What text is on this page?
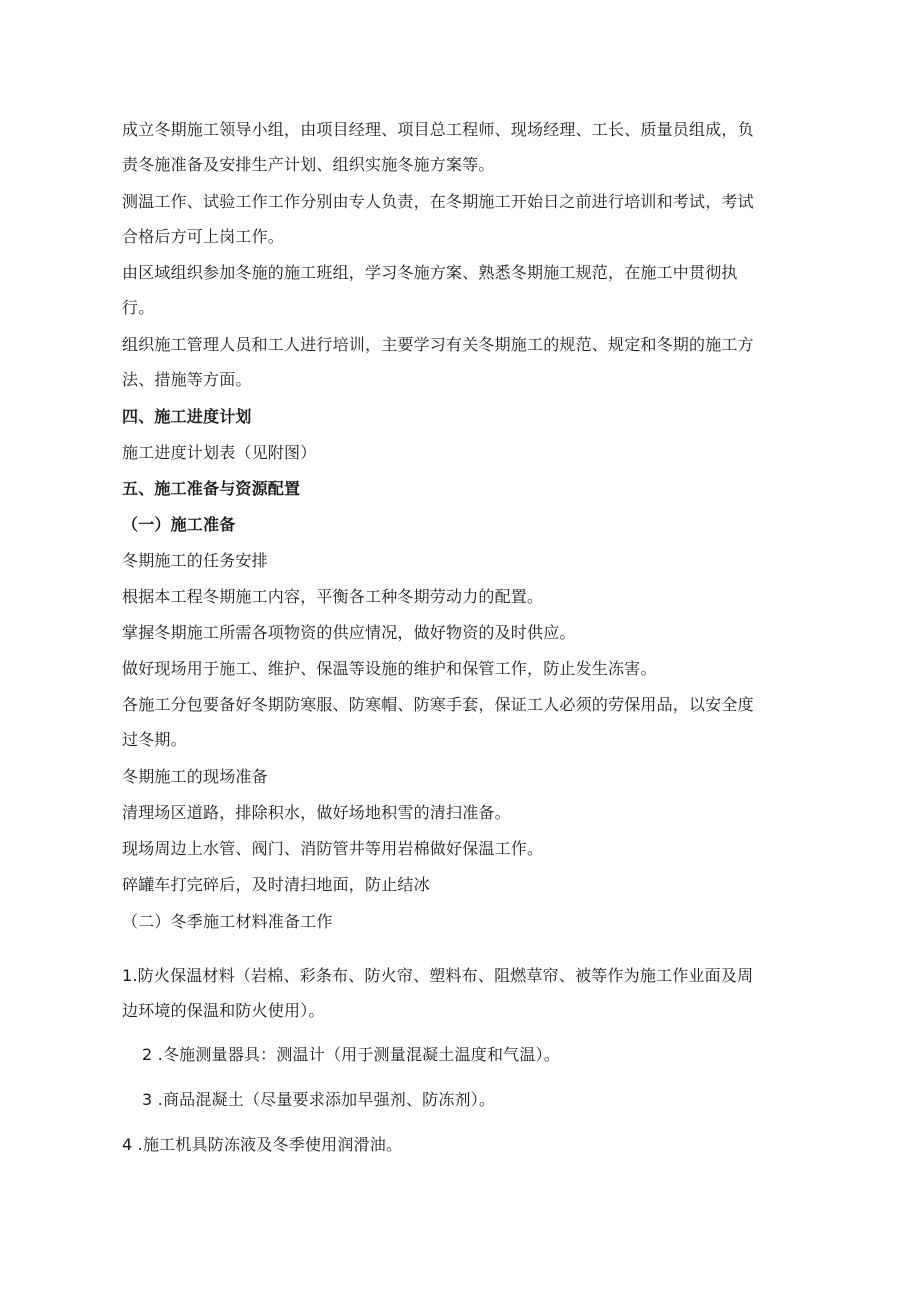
成立冬期施工领导小组，由项目经理、项目总工程师、现场经理、工长、质量员组成，负

责冬施准备及安排生产计划、组织实施冬施方案等。

测温工作、试验工作工作分别由专人负责，在冬期施工开始日之前进行培训和考试，考试

合格后方可上岗工作。

由区域组织参加冬施的施工班组，学习冬施方案、熟悉冬期施工规范，在施工中贯彻执

行。

组织施工管理人员和工人进行培训，主要学习有关冬期施工的规范、规定和冬期的施工方

法、措施等方面。

四、施工进度计划

施工进度计划表（见附图）

五、施工准备与资源配置

（一）施工准备

冬期施工的任务安排

根据本工程冬期施工内容，平衡各工种冬期劳动力的配置。

掌握冬期施工所需各项物资的供应情况，做好物资的及时供应。

做好现场用于施工、维护、保温等设施的维护和保管工作，防止发生冻害。

各施工分包要备好冬期防寒服、防寒帽、防寒手套，保证工人必须的劳保用品，以安全度

过冬期。

冬期施工的现场准备

清理场区道路，排除积水，做好场地积雪的清扫准备。

现场周边上水管、阀门、消防管井等用岩棉做好保温工作。

碎罐车打完碎后，及时清扫地面，防止结冰

（二）冬季施工材料准备工作

1.防火保温材料（岩棉、彩条布、防火帘、塑料布、阻燃草帘、被等作为施工作业面及周

边环境的保温和防火使用）。

2 .冬施测量器具：测温计（用于测量混凝土温度和气温）。

3 .商品混凝土（尽量要求添加早强剂、防冻剂）。

4 .施工机具防冻液及冬季使用润滑油。
